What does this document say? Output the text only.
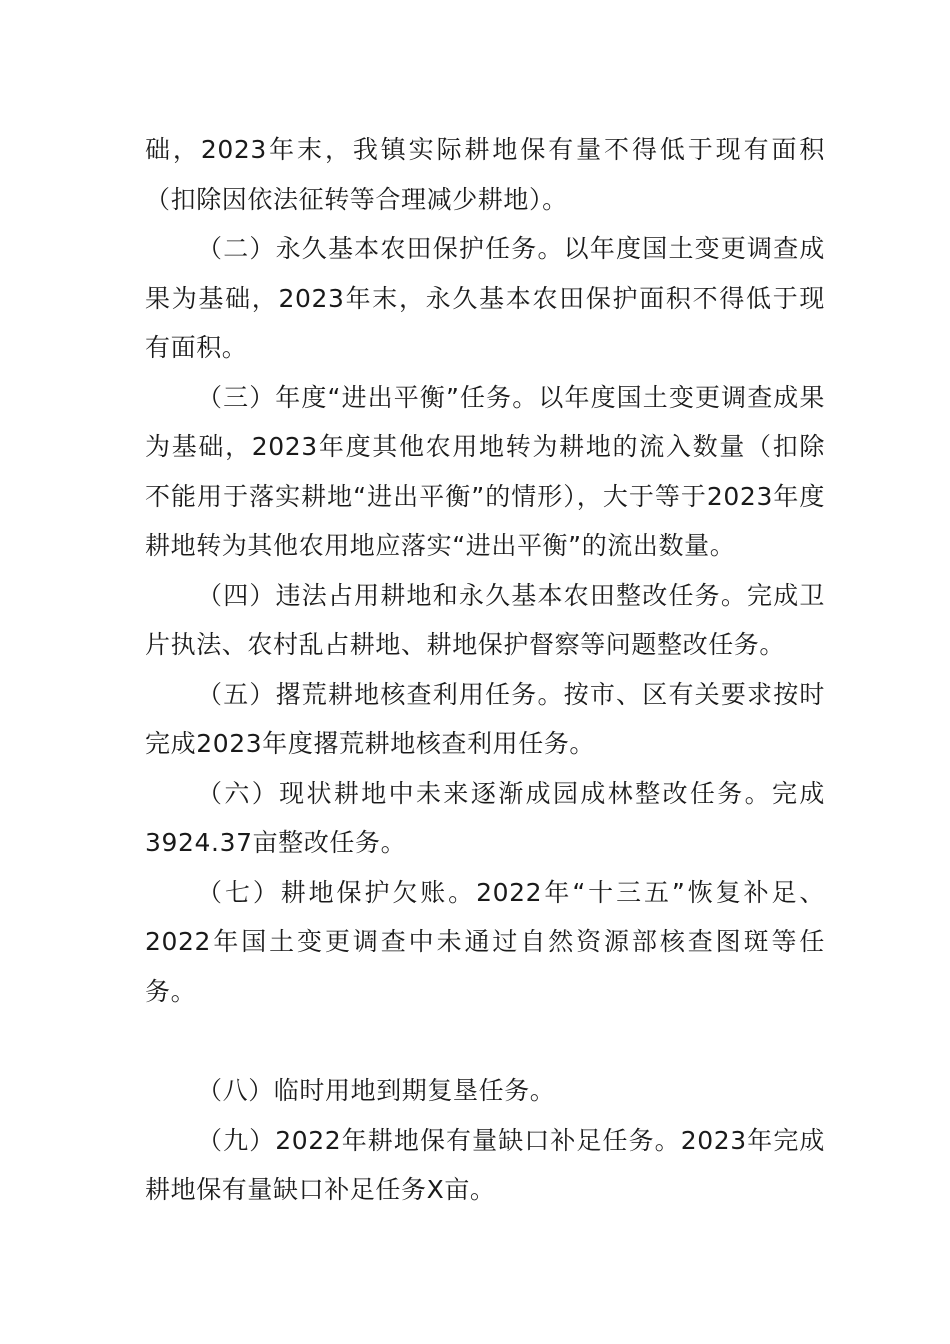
础，2023年末，我镇实际耕地保有量不得低于现有面积（扣除因依法征转等合理减少耕地）。

（二）永久基本农田保护任务。以年度国土变更调查成果为基础，2023年末，永久基本农田保护面积不得低于现有面积。

（三）年度“进出平衡”任务。以年度国土变更调查成果为基础，2023年度其他农用地转为耕地的流入数量（扣除不能用于落实耕地“进出平衡”的情形），大于等于2023年度耕地转为其他农用地应落实“进出平衡”的流出数量。

（四）违法占用耕地和永久基本农田整改任务。完成卫片执法、农村乱占耕地、耕地保护督察等问题整改任务。

（五）撂荒耕地核查利用任务。按市、区有关要求按时完成2023年度撂荒耕地核查利用任务。

（六）现状耕地中未来逐渐成园成林整改任务。完成3924.37亩整改任务。

（七）耕地保护欠账。2022年“十三五”恢复补足、2022年国土变更调查中未通过自然资源部核查图斑等任务。

（八）临时用地到期复垦任务。

（九）2022年耕地保有量缺口补足任务。2023年完成耕地保有量缺口补足任务X亩。
